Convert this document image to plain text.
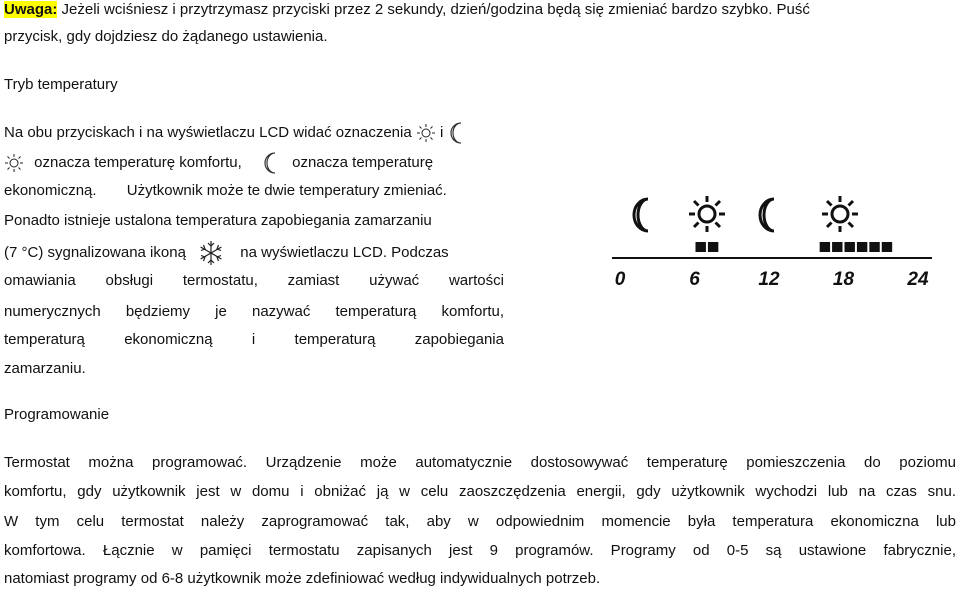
Uwaga: Jeżeli wciśniesz i przytrzymasz przyciski przez 2 sekundy, dzień/godzina będą się zmieniać bardzo szybko. Puść
przycisk, gdy dojdziesz do żądanego ustawienia.
Tryb temperatury
Na obu przyciskach i na wyświetlaczu LCD widać oznaczenia i
oznacza temperaturę komfortu,	oznacza temperaturę
ekonomiczną. Użytkownik może te dwie temperatury zmieniać.
Ponadto istnieje ustalona temperatura zapobiegania zamarzaniu
(7 °C) sygnalizowana ikoną	na wyświetlaczu LCD. Podczas
omawiania obsługi termostatu, zamiast używać wartości
numerycznych będziemy je nazywać temperaturą komfortu,
temperaturą ekonomiczną i temperaturą zapobiegania
zamarzaniu.
0	6	12	18	24
Programowanie
Termostat można programować. Urządzenie może automatycznie dostosowywać temperaturę pomieszczenia do poziomu
komfortu, gdy użytkownik jest w domu i obniżać ją w celu zaoszczędzenia energii, gdy użytkownik wychodzi lub na czas snu.
W tym celu termostat należy zaprogramować tak, aby w odpowiednim momencie była temperatura ekonomiczna lub
komfortowa. Łącznie w pamięci termostatu zapisanych jest 9 programów. Programy od 0-5 są ustawione fabrycznie,
natomiast programy od 6-8 użytkownik może zdefiniować według indywidualnych potrzeb.
